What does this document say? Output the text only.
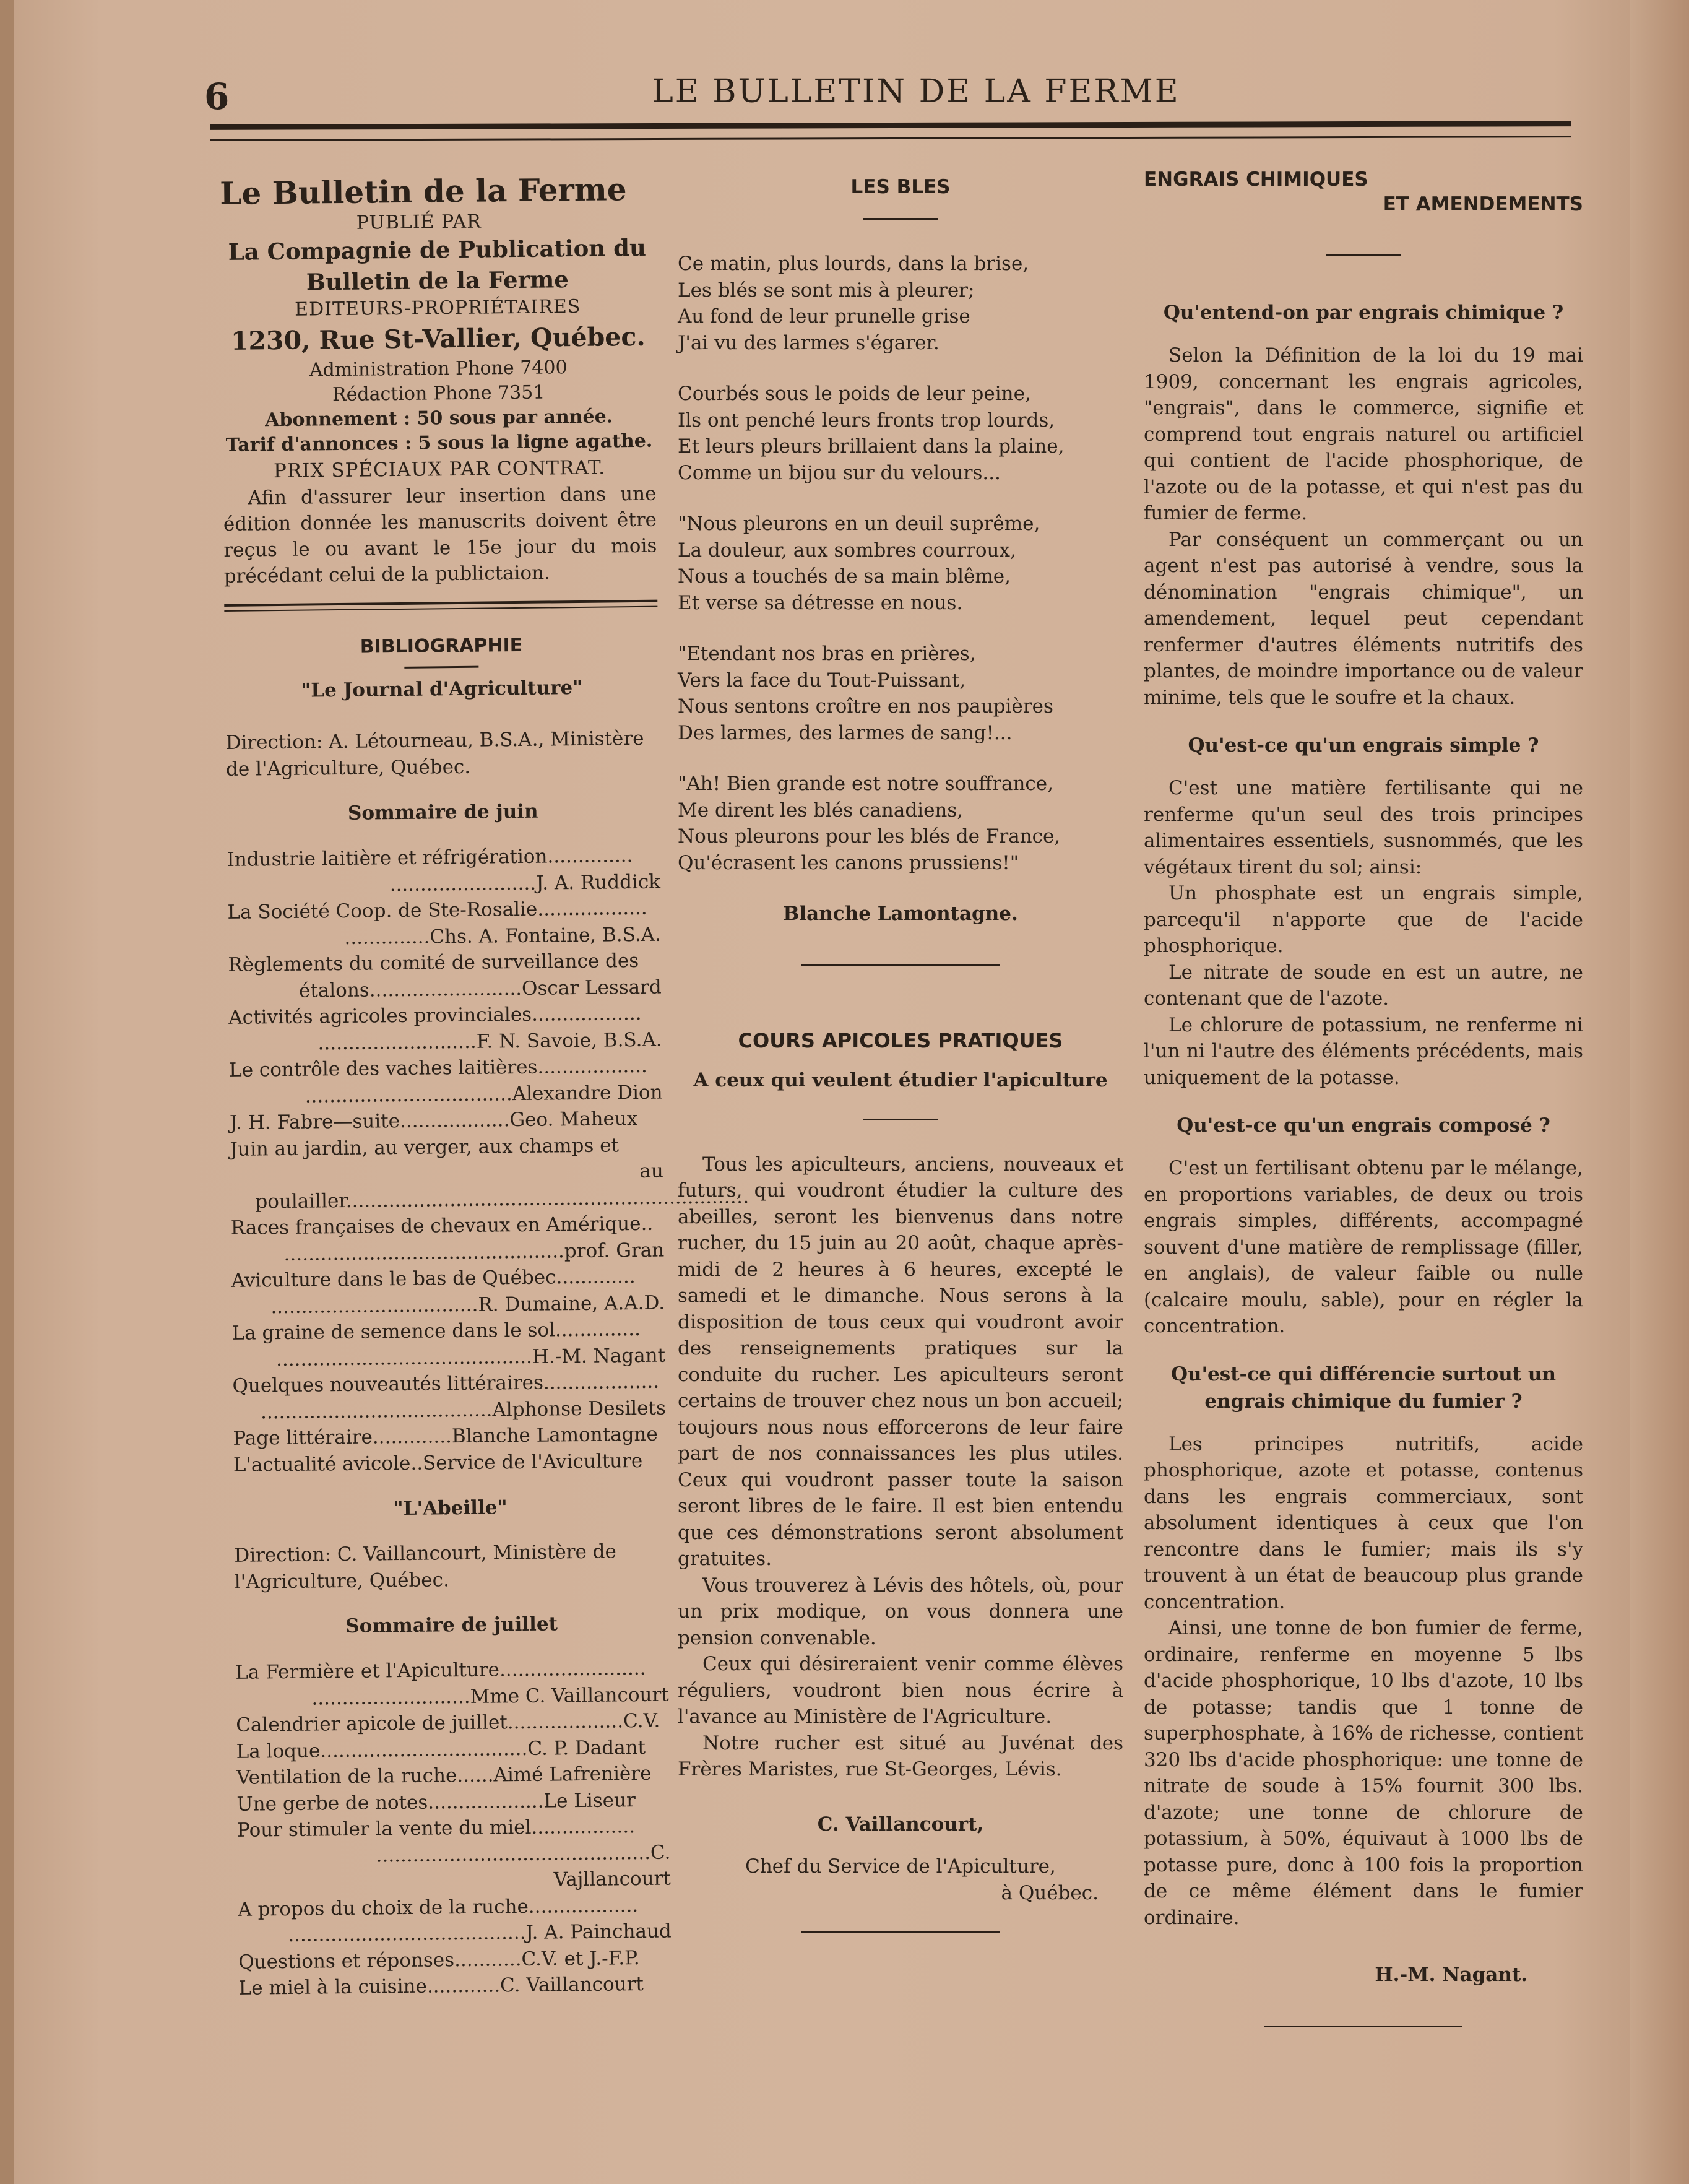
6	LE BULLETIN DE LA FERME
Le Bulletin de la Ferme
PUBLIÉ PAR
La Compagnie de Publication du
Bulletin de la Ferme
EDITEURS-PROPRIÉTAIRES
1230, Rue St-Vallier, Québec.
Administration Phone 7400
Rédaction Phone 7351
Abonnement : 50 sous par année.
Tarif d'annonces : 5 sous la ligne agathe.
PRIX SPÉCIAUX PAR CONTRAT.
Afin d'assurer leur insertion dans une édition donnée les manuscrits doivent être reçus le ou avant le 15e jour du mois précédant celui de la publictaion.
BIBLIOGRAPHIE
"Le Journal d'Agriculture"

Direction: A. Létourneau, B.S.A., Ministère de l'Agriculture, Québec.

Sommaire de juin
Industrie laitière et réfrigération..............
........................J. A. Ruddick
La Société Coop. de Ste-Rosalie..................
..............Chs. A. Fontaine, B.S.A.
Règlements du comité de surveillance des
étalons.........................Oscar Lessard
Activités agricoles provinciales..................
..........................F. N. Savoie, B.S.A.
Le contrôle des vaches laitières..................
..................................Alexandre Dion
J. H. Fabre—suite..................Geo. Maheux
Juin au jardin, au verger, aux champs et
au poulailler...............................................................…
Races françaises de chevaux en Amérique..
..............................................prof. Gran
Aviculture dans le bas de Québec.............
..................................R. Dumaine, A.A.D.
La graine de semence dans le sol..............
..........................................H.-M. Nagant
Quelques nouveautés littéraires...................
......................................Alphonse Desilets
Page littéraire.............Blanche Lamontagne
L'actualité avicole..Service de l'Aviculture
"L'Abeille"

Direction: C. Vaillancourt, Ministère de l'Agriculture, Québec.

Sommaire de juillet
La Fermière et l'Apiculture........................
..........................Mme C. Vaillancourt
Calendrier apicole de juillet...................C.V.
La loque..................................C. P. Dadant
Ventilation de la ruche......Aimé Lafrenière
Une gerbe de notes...................Le Liseur
Pour stimuler la vente du miel.................
.............................................C. Vajllancourt
A propos du choix de la ruche..................
.......................................J. A. Painchaud
Questions et réponses...........C.V. et J.-F.P.
Le miel à la cuisine............C. Vaillancourt
LES BLES

Ce matin, plus lourds, dans la brise,

Les blés se sont mis à pleurer;

Au fond de leur prunelle grise

J'ai vu des larmes s'égarer.

Courbés sous le poids de leur peine,

Ils ont penché leurs fronts trop lourds,

Et leurs pleurs brillaient dans la plaine,

Comme un bijou sur du velours...

"Nous pleurons en un deuil suprême,

La douleur, aux sombres courroux,

Nous a touchés de sa main blême,

Et verse sa détresse en nous.

"Etendant nos bras en prières,

Vers la face du Tout-Puissant,

Nous sentons croître en nos paupières

Des larmes, des larmes de sang!...

"Ah! Bien grande est notre souffrance,

Me dirent les blés canadiens,

Nous pleurons pour les blés de France,

Qu'écrasent les canons prussiens!"

Blanche Lamontagne.
COURS APICOLES PRATIQUES
A ceux qui veulent étudier l'apiculture

Tous les apiculteurs, anciens, nouveaux et futurs, qui voudront étudier la culture des abeilles, seront les bienvenus dans notre rucher, du 15 juin au 20 août, chaque après-midi de 2 heures à 6 heures, excepté le samedi et le dimanche. Nous serons à la disposition de tous ceux qui voudront avoir des renseignements pratiques sur la conduite du rucher. Les apiculteurs seront certains de trouver chez nous un bon accueil; toujours nous nous efforcerons de leur faire part de nos connaissances les plus utiles. Ceux qui voudront passer toute la saison seront libres de le faire. Il est bien entendu que ces démonstrations seront absolument gratuites.

Vous trouverez à Lévis des hôtels, où, pour un prix modique, on vous donnera une pension convenable.

Ceux qui désireraient venir comme élèves réguliers, voudront bien nous écrire à l'avance au Ministère de l'Agriculture.

Notre rucher est situé au Juvénat des Frères Maristes, rue St-Georges, Lévis.

C. Vaillancourt,

Chef du Service de l'Apiculture,

à Québec.

ENGRAIS CHIMIQUES
ET AMENDEMENTS
Qu'entend-on par engrais chimique ?

Selon la Définition de la loi du 19 mai 1909, concernant les engrais agricoles, "engrais", dans le commerce, signifie et comprend tout engrais naturel ou artificiel qui contient de l'acide phosphorique, de l'azote ou de la potasse, et qui n'est pas du fumier de ferme.

Par conséquent un commerçant ou un agent n'est pas autorisé à vendre, sous la dénomination "engrais chimique", un amendement, lequel peut cependant renfermer d'autres éléments nutritifs des plantes, de moindre importance ou de valeur minime, tels que le soufre et la chaux.

Qu'est-ce qu'un engrais simple ?

C'est une matière fertilisante qui ne renferme qu'un seul des trois principes alimentaires essentiels, susnommés, que les végétaux tirent du sol; ainsi:

Un phosphate est un engrais simple, parcequ'il n'apporte que de l'acide phosphorique.

Le nitrate de soude en est un autre, ne contenant que de l'azote.

Le chlorure de potassium, ne renferme ni l'un ni l'autre des éléments précédents, mais uniquement de la potasse.

Qu'est-ce qu'un engrais composé ?

C'est un fertilisant obtenu par le mélange, en proportions variables, de deux ou trois engrais simples, différents, accompagné souvent d'une matière de remplissage (filler, en anglais), de valeur faible ou nulle (calcaire moulu, sable), pour en régler la concentration.

Qu'est-ce qui différencie surtout un engrais chimique du fumier ?

Les principes nutritifs, acide phosphorique, azote et potasse, contenus dans les engrais commerciaux, sont absolument identiques à ceux que l'on rencontre dans le fumier; mais ils s'y trouvent à un état de beaucoup plus grande concentration.

Ainsi, une tonne de bon fumier de ferme, ordinaire, renferme en moyenne 5 lbs d'acide phosphorique, 10 lbs d'azote, 10 lbs de potasse; tandis que 1 tonne de superphosphate, à 16% de richesse, contient 320 lbs d'acide phosphorique: une tonne de nitrate de soude à 15% fournit 300 lbs. d'azote; une tonne de chlorure de potassium, à 50%, équivaut à 1000 lbs de potasse pure, donc à 100 fois la proportion de ce même élément dans le fumier ordinaire.

H.-M. Nagant.
